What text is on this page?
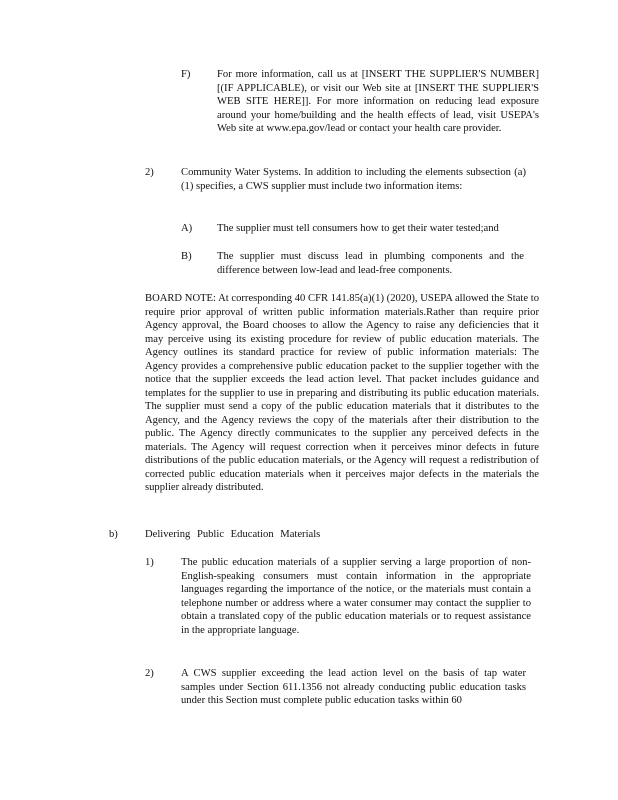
F)	For more information, call us at [INSERT THE SUPPLIER'S NUMBER] [(IF APPLICABLE), or visit our Web site at [INSERT THE SUPPLIER'S WEB SITE HERE]]. For more information on reducing lead exposure around your home/building and the health effects of lead, visit USEPA's Web site at www.epa.gov/lead or contact your health care provider.

2)	Community Water Systems. In addition to including the elements subsection (a)(1) specifies, a CWS supplier must include two information items:

A) The supplier must tell consumers how to get their water tested;and

B) The supplier must discuss lead in plumbing components and the difference between low-lead and lead-free components.

BOARD NOTE: At corresponding 40 CFR 141.85(a)(1) (2020), USEPA allowed the State to require prior approval of written public information materials.Rather than require prior Agency approval, the Board chooses to allow the Agency to raise any deficiencies that it may perceive using its existing procedure for review of public education materials. The Agency outlines its standard practice for review of public information materials: The Agency provides a comprehensive public education packet to the supplier together with the notice that the supplier exceeds the lead action level. That packet includes guidance and templates for the supplier to use in preparing and distributing its public education materials. The supplier must send a copy of the public education materials that it distributes to the Agency, and the Agency reviews the copy of the materials after their distribution to the public. The Agency directly communicates to the supplier any perceived defects in the materials. The Agency will request correction when it perceives minor defects in future distributions of the public education materials, or the Agency will request a redistribution of corrected public education materials when it perceives major defects in the materials the supplier already distributed.

b)	Delivering Public Education Materials
1)	The public education materials of a supplier serving a large proportion of non-English-speaking consumers must contain information in the appropriate languages regarding the importance of the notice, or the materials must contain a telephone number or address where a water consumer may contact the supplier to obtain a translated copy of the public education materials or to request assistance in the appropriate language.

2)	A CWS supplier exceeding the lead action level on the basis of tap water samples under Section 611.1356 not already conducting public education tasks under this Section must complete public education tasks within 60
